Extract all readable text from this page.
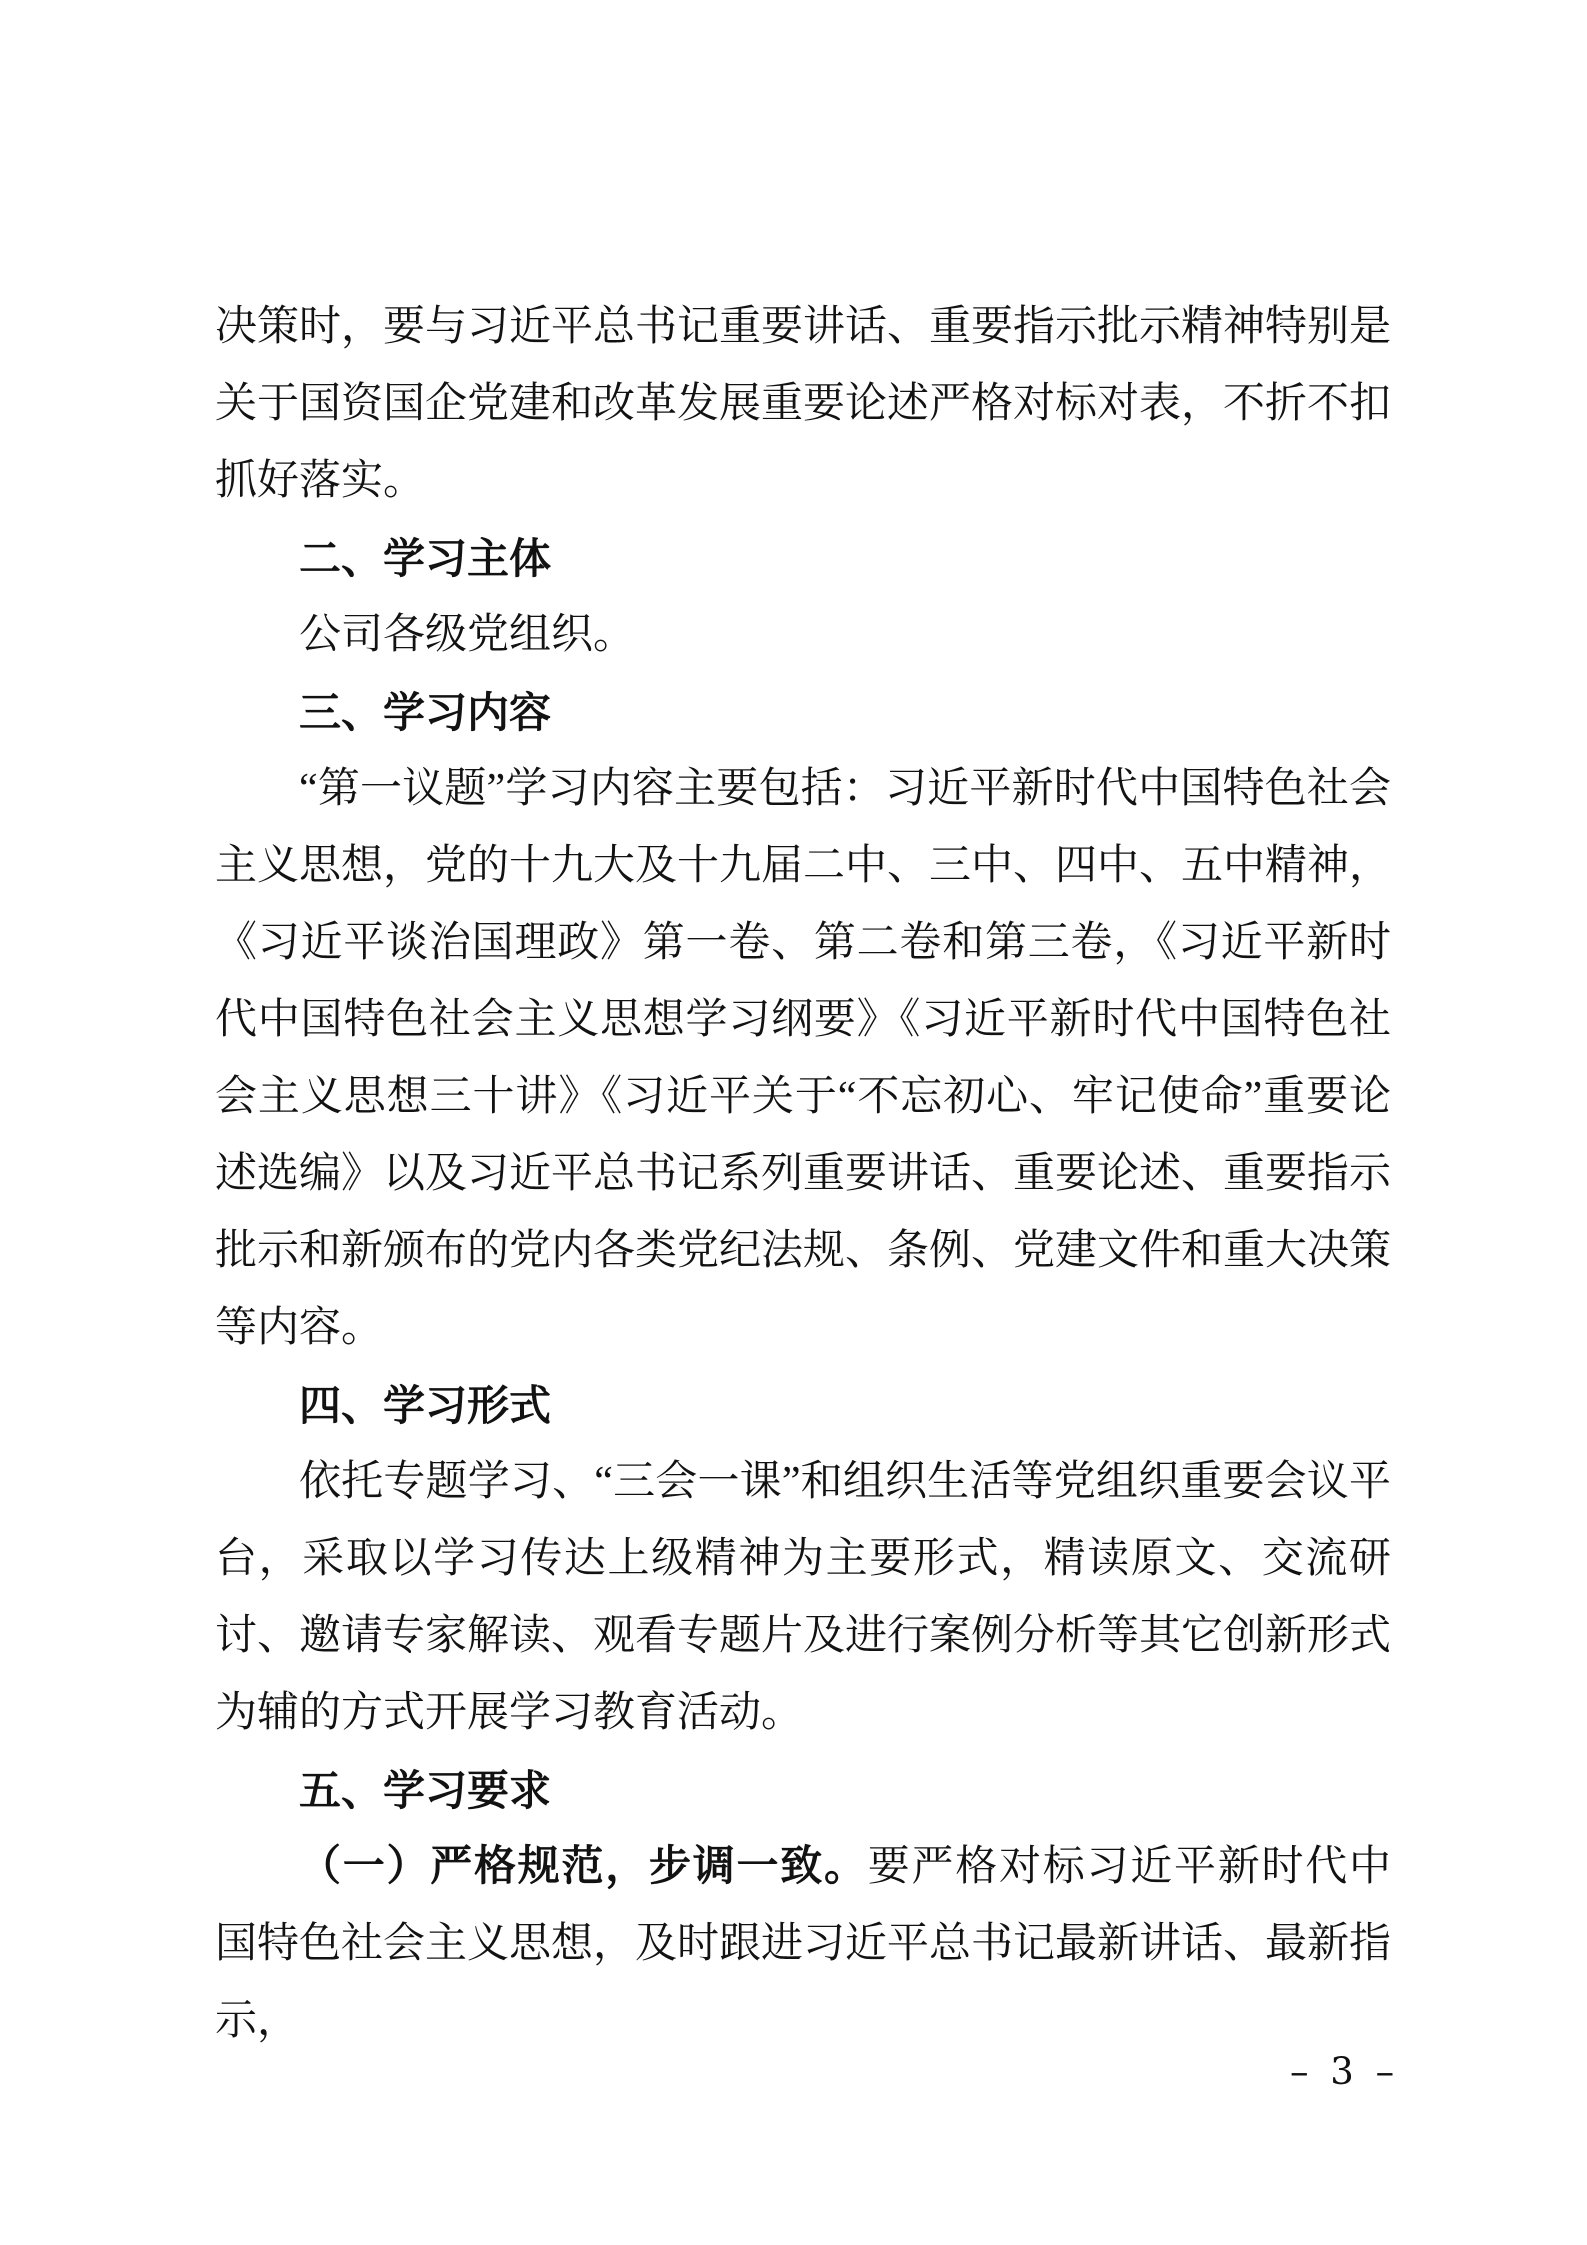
决策时，要与习近平总书记重要讲话、重要指示批示精神特别是关于国资国企党建和改革发展重要论述严格对标对表，不折不扣抓好落实。
二、学习主体
公司各级党组织。
三、学习内容
“第一议题”学习内容主要包括：习近平新时代中国特色社会主义思想，党的十九大及十九届二中、三中、四中、五中精神，《习近平谈治国理政》第一卷、第二卷和第三卷，《习近平新时代中国特色社会主义思想学习纲要》《习近平新时代中国特色社会主义思想三十讲》《习近平关于“不忘初心、牢记使命”重要论述选编》以及习近平总书记系列重要讲话、重要论述、重要指示批示和新颁布的党内各类党纪法规、条例、党建文件和重大决策等内容。
四、学习形式
依托专题学习、“三会一课”和组织生活等党组织重要会议平台，采取以学习传达上级精神为主要形式，精读原文、交流研讨、邀请专家解读、观看专题片及进行案例分析等其它创新形式为辅的方式开展学习教育活动。
五、学习要求
（一）严格规范，步调一致。要严格对标习近平新时代中国特色社会主义思想，及时跟进习近平总书记最新讲话、最新指示，
– 3 –
